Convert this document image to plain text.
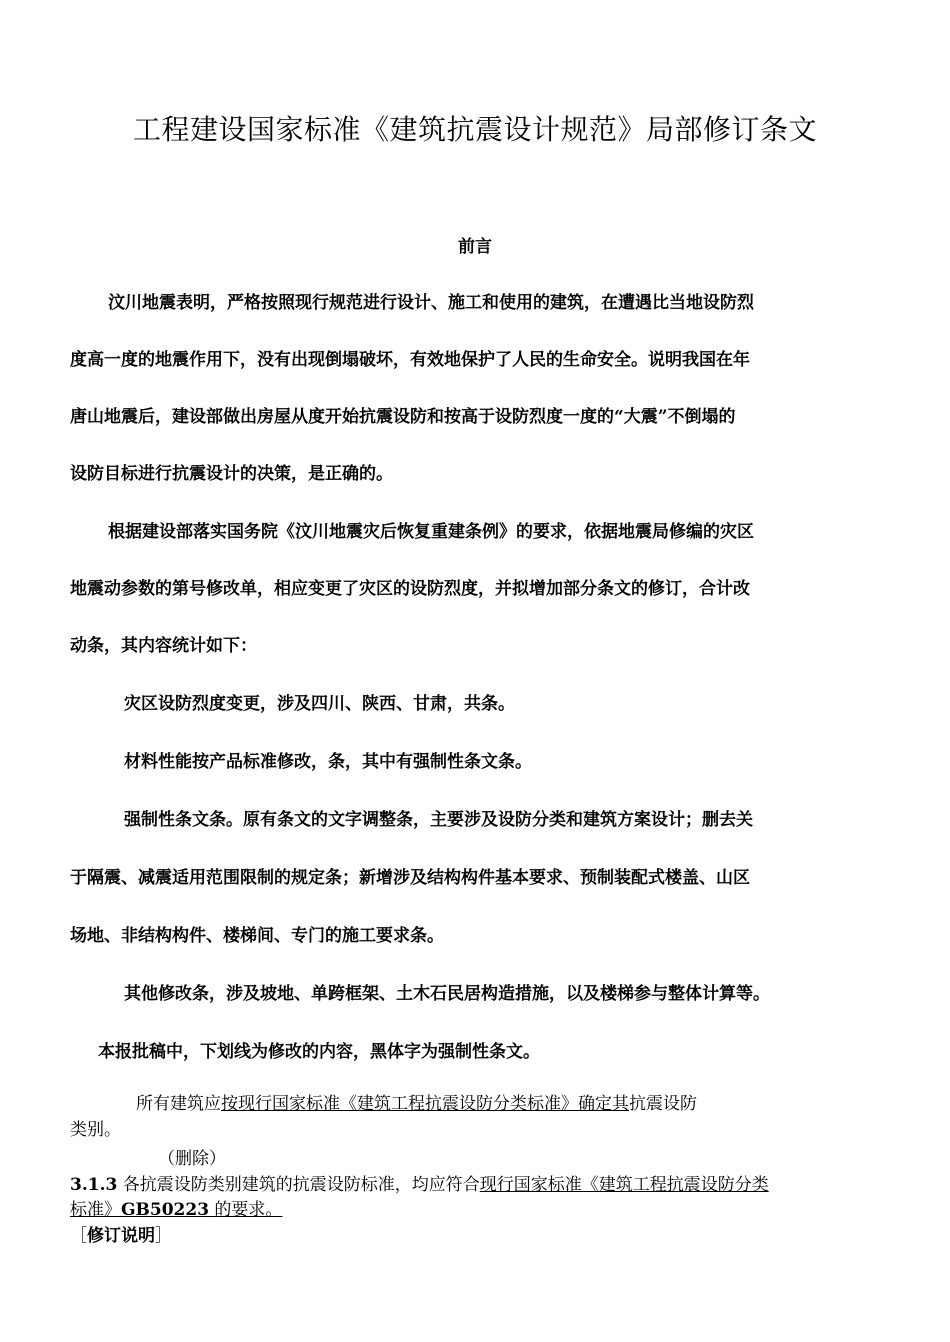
工程建设国家标准《建筑抗震设计规范》局部修订条文
前言
汶川地震表明，严格按照现行规范进行设计、施工和使用的建筑，在遭遇比当地设防烈
度高一度的地震作用下，没有出现倒塌破坏，有效地保护了人民的生命安全。说明我国在年
唐山地震后，建设部做出房屋从度开始抗震设防和按高于设防烈度一度的“大震”不倒塌的
设防目标进行抗震设计的决策，是正确的。
根据建设部落实国务院《汶川地震灾后恢复重建条例》的要求，依据地震局修编的灾区
地震动参数的第号修改单，相应变更了灾区的设防烈度，并拟增加部分条文的修订，合计改
动条，其内容统计如下：
灾区设防烈度变更，涉及四川、陕西、甘肃，共条。
材料性能按产品标准修改，条，其中有强制性条文条。
强制性条文条。原有条文的文字调整条，主要涉及设防分类和建筑方案设计；删去关
于隔震、减震适用范围限制的规定条；新增涉及结构构件基本要求、预制装配式楼盖、山区
场地、非结构构件、楼梯间、专门的施工要求条。
其他修改条，涉及坡地、单跨框架、土木石民居构造措施，以及楼梯参与整体计算等。
本报批稿中，下划线为修改的内容，黑体字为强制性条文。
所有建筑应按现行国家标准《建筑工程抗震设防分类标准》确定其抗震设防
类别。
（删除）
3.1.3 各抗震设防类别建筑的抗震设防标准，均应符合现行国家标准《建筑工程抗震设防分类
标准》GB50223 的要求。
［修订说明］
